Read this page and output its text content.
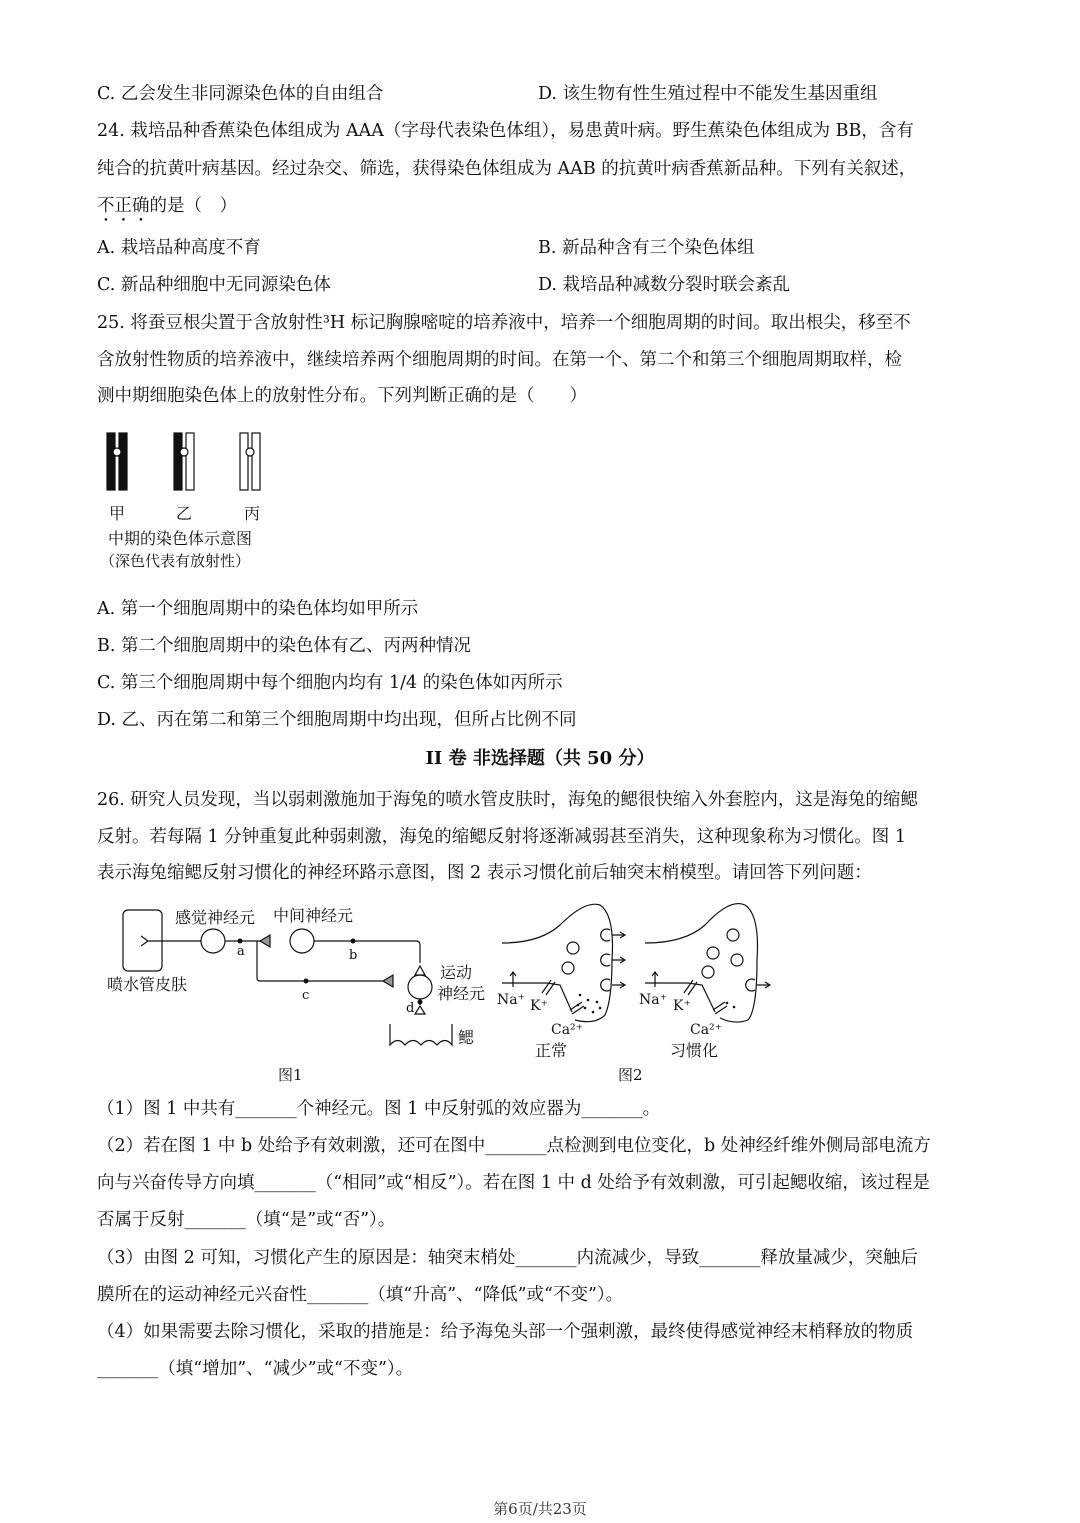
C. 乙会发生非同源染色体的自由组合	D. 该生物有性生殖过程中不能发生基因重组
24. 栽培品种香蕉染色体组成为 AAA（字母代表染色体组），易患黄叶病。野生蕉染色体组成为 BB，含有
纯合的抗黄叶病基因。经过杂交、筛选，获得染色体组成为 AAB 的抗黄叶病香蕉新品种。下列有关叙述，
不正确的是（　）
A. 栽培品种高度不育	B. 新品种含有三个染色体组
C. 新品种细胞中无同源染色体	D. 栽培品种减数分裂时联会紊乱
25. 将蚕豆根尖置于含放射性³H 标记胸腺嘧啶的培养液中，培养一个细胞周期的时间。取出根尖，移至不
含放射性物质的培养液中，继续培养两个细胞周期的时间。在第一个、第二个和第三个细胞周期取样，检
测中期细胞染色体上的放射性分布。下列判断正确的是（　　）
A. 第一个细胞周期中的染色体均如甲所示
B. 第二个细胞周期中的染色体有乙、丙两种情况
C. 第三个细胞周期中每个细胞内均有 1/4 的染色体如丙所示
D. 乙、丙在第二和第三个细胞周期中均出现，但所占比例不同
II 卷 非选择题（共 50 分）
26. 研究人员发现，当以弱刺激施加于海兔的喷水管皮肤时，海兔的鳃很快缩入外套腔内，这是海兔的缩鳃
反射。若每隔 1 分钟重复此种弱刺激，海兔的缩鳃反射将逐渐减弱甚至消失，这种现象称为习惯化。图 1
表示海兔缩鳃反射习惯化的神经环路示意图，图 2 表示习惯化前后轴突末梢模型。请回答下列问题：
（1）图 1 中共有_______个神经元。图 1 中反射弧的效应器为_______。
（2）若在图 1 中 b 处给予有效刺激，还可在图中_______点检测到电位变化，b 处神经纤维外侧局部电流方
向与兴奋传导方向填_______（“相同”或“相反”）。若在图 1 中 d 处给予有效刺激，可引起鳃收缩，该过程是
否属于反射_______（填“是”或“否”）。
（3）由图 2 可知，习惯化产生的原因是：轴突末梢处_______内流减少，导致_______释放量减少，突触后
膜所在的运动神经元兴奋性_______（填“升高”、“降低”或“不变”）。
（4）如果需要去除习惯化，采取的措施是：给予海兔头部一个强刺激，最终使得感觉神经末梢释放的物质
_______（填“增加”、“减少”或“不变”）。
甲	乙	丙
中期的染色体示意图
（深色代表有放射性）
喷水管皮肤
感觉神经元 中间神经元
运动
神经元
鳃
a	b
c
d
图1
Na⁺ K⁺
Ca²⁺
正常
Na⁺ K⁺
Ca²⁺
习惯化
图2
第6页/共23页
